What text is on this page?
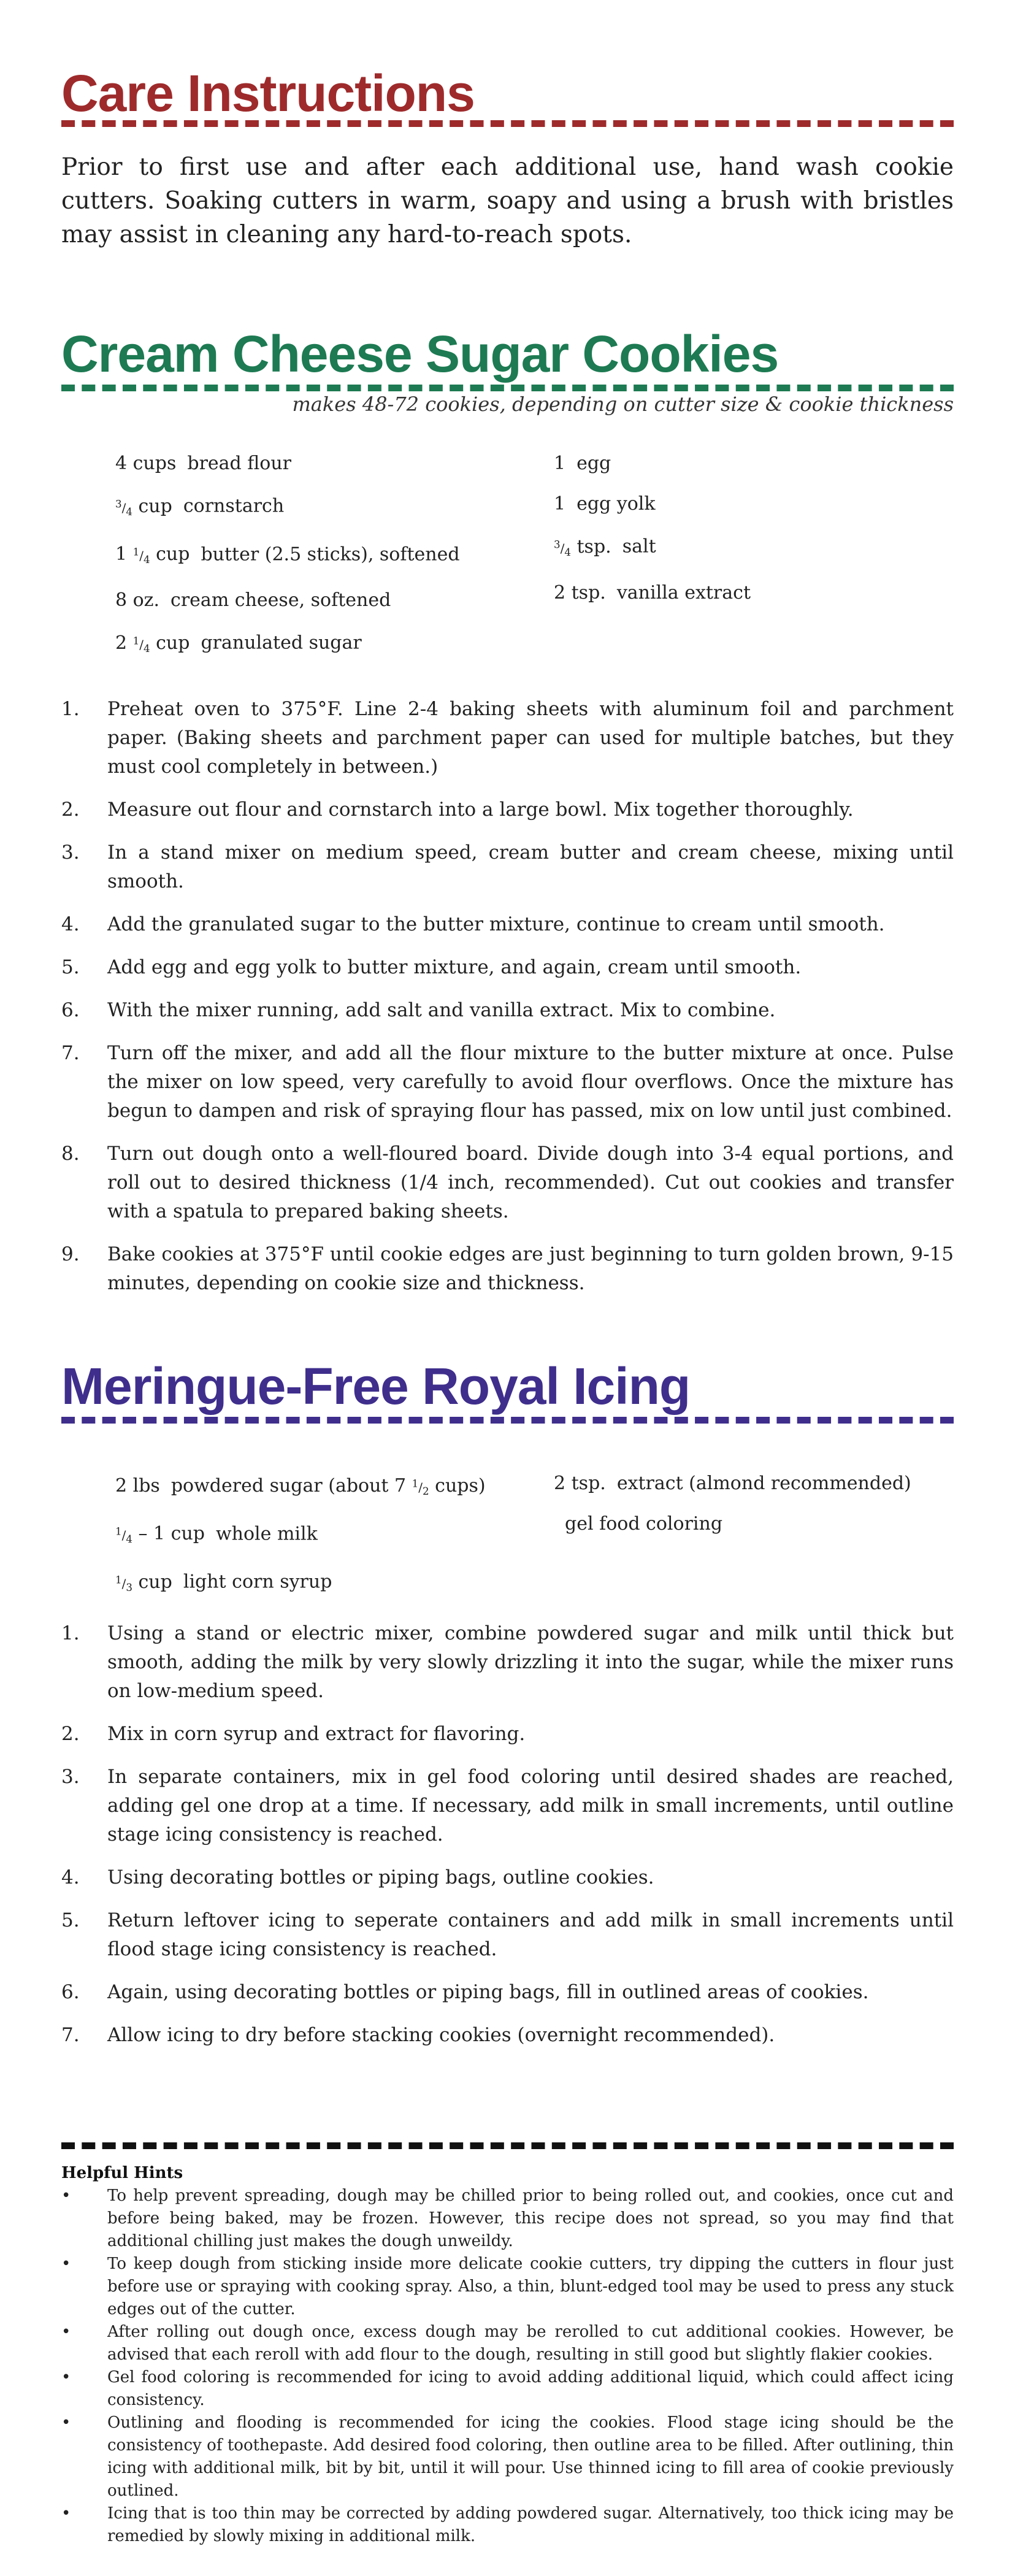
Care Instructions

Prior to first use and after each additional use, hand wash cookie cutters. Soaking cutters in warm, soapy and using a brush with bristles may assist in cleaning any hard-to-reach spots.

Cream Cheese Sugar Cookies
makes 48-72 cookies, depending on cutter size & cookie thickness
4 cups bread flour
$^3/_4$ cup cornstarch
1 $^1/_4$ cup butter (2.5 sticks), softened
8 oz. cream cheese, softened
2 $^1/_4$ cup granulated sugar
1 egg
1 egg yolk
$^3/_4$ tsp. salt
2 tsp. vanilla extract
1. Preheat oven to 375°F. Line 2-4 baking sheets with aluminum foil and parchment paper. (Baking sheets and parchment paper can used for multiple batches, but they must cool completely in between.)
2. Measure out flour and cornstarch into a large bowl. Mix together thoroughly.
3. In a stand mixer on medium speed, cream butter and cream cheese, mixing until smooth.
4. Add the granulated sugar to the butter mixture, continue to cream until smooth.
5. Add egg and egg yolk to butter mixture, and again, cream until smooth.
6. With the mixer running, add salt and vanilla extract. Mix to combine.
7. Turn off the mixer, and add all the flour mixture to the butter mixture at once. Pulse the mixer on low speed, very carefully to avoid flour overflows. Once the mixture has begun to dampen and risk of spraying flour has passed, mix on low until just combined.
8. Turn out dough onto a well-floured board. Divide dough into 3-4 equal portions, and roll out to desired thickness (1/4 inch, recommended). Cut out cookies and transfer with a spatula to prepared baking sheets.
9. Bake cookies at 375°F until cookie edges are just beginning to turn golden brown, 9-15 minutes, depending on cookie size and thickness.
Meringue-Free Royal Icing
2 lbs powdered sugar (about 7 $^1/_2$ cups)
$^1/_4 - 1$ cup whole milk
$^1/_3$ cup light corn syrup
2 tsp. extract (almond recommended)
gel food coloring
1. Using a stand or electric mixer, combine powdered sugar and milk until thick but smooth, adding the milk by very slowly drizzling it into the sugar, while the mixer runs on low-medium speed.
2. Mix in corn syrup and extract for flavoring.
3. In separate containers, mix in gel food coloring until desired shades are reached, adding gel one drop at a time. If necessary, add milk in small increments, until outline stage icing consistency is reached.
4. Using decorating bottles or piping bags, outline cookies.
5. Return leftover icing to seperate containers and add milk in small increments until flood stage icing consistency is reached.
6. Again, using decorating bottles or piping bags, fill in outlined areas of cookies.
7. Allow icing to dry before stacking cookies (overnight recommended).
Helpful Hints
• To help prevent spreading, dough may be chilled prior to being rolled out, and cookies, once cut and before being baked, may be frozen. However, this recipe does not spread, so you may find that additional chilling just makes the dough unweildy.
• To keep dough from sticking inside more delicate cookie cutters, try dipping the cutters in flour just before use or spraying with cooking spray. Also, a thin, blunt-edged tool may be used to press any stuck edges out of the cutter.
• After rolling out dough once, excess dough may be rerolled to cut additional cookies. However, be advised that each reroll with add flour to the dough, resulting in still good but slightly flakier cookies.
• Gel food coloring is recommended for icing to avoid adding additional liquid, which could affect icing consistency.
• Outlining and flooding is recommended for icing the cookies. Flood stage icing should be the consistency of toothepaste. Add desired food coloring, then outline area to be filled. After outlining, thin icing with additional milk, bit by bit, until it will pour. Use thinned icing to fill area of cookie previously outlined.
• Icing that is too thin may be corrected by adding powdered sugar. Alternatively, too thick icing may be remedied by slowly mixing in additional milk.
